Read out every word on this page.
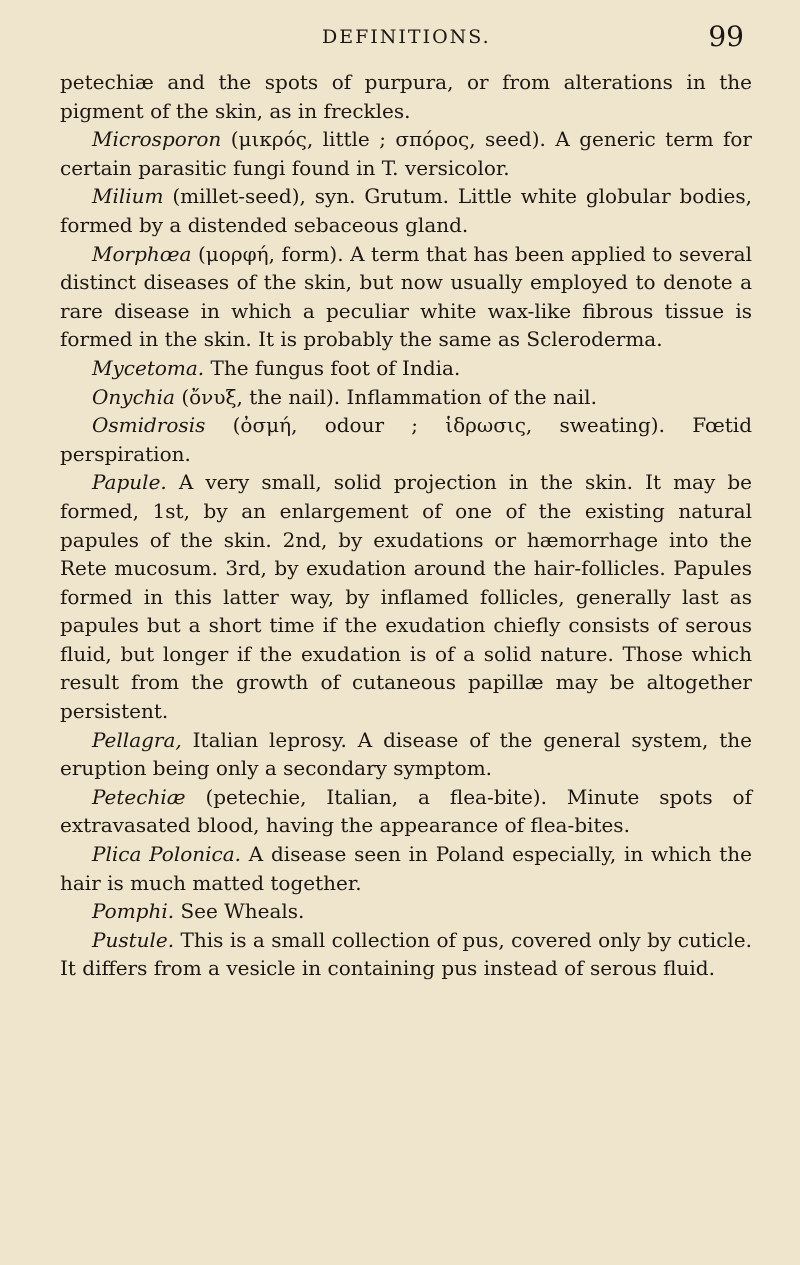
DEFINITIONS.	99

petechiæ and the spots of purpura, or from alterations in the pigment of the skin, as in freckles.

Microsporon (μικρός, little ; σπόρος, seed). A generic term for certain parasitic fungi found in T. versicolor.

Milium (millet-seed), syn. Grutum. Little white globular bodies, formed by a distended sebaceous gland.

Morphœa (μορφή, form). A term that has been applied to several distinct diseases of the skin, but now usually employed to denote a rare disease in which a peculiar white wax-like fibrous tissue is formed in the skin. It is probably the same as Scleroderma.

Mycetoma. The fungus foot of India.

Onychia (ὄνυξ, the nail). Inflammation of the nail.

Osmidrosis (ὀσμή, odour ; ἱδρωσις, sweating). Fœtid perspiration.

Papule. A very small, solid projection in the skin. It may be formed, 1st, by an enlargement of one of the existing natural papules of the skin. 2nd, by exudations or hæmorrhage into the Rete mucosum. 3rd, by exudation around the hair-follicles. Papules formed in this latter way, by inflamed follicles, generally last as papules but a short time if the exudation chiefly consists of serous fluid, but longer if the exudation is of a solid nature. Those which result from the growth of cutaneous papillæ may be altogether persistent.

Pellagra, Italian leprosy. A disease of the general system, the eruption being only a secondary symptom.

Petechiæ (petechie, Italian, a flea-bite). Minute spots of extravasated blood, having the appearance of flea-bites.

Plica Polonica. A disease seen in Poland especially, in which the hair is much matted together.

Pomphi. See Wheals.

Pustule. This is a small collection of pus, covered only by cuticle. It differs from a vesicle in containing pus instead of serous fluid.
